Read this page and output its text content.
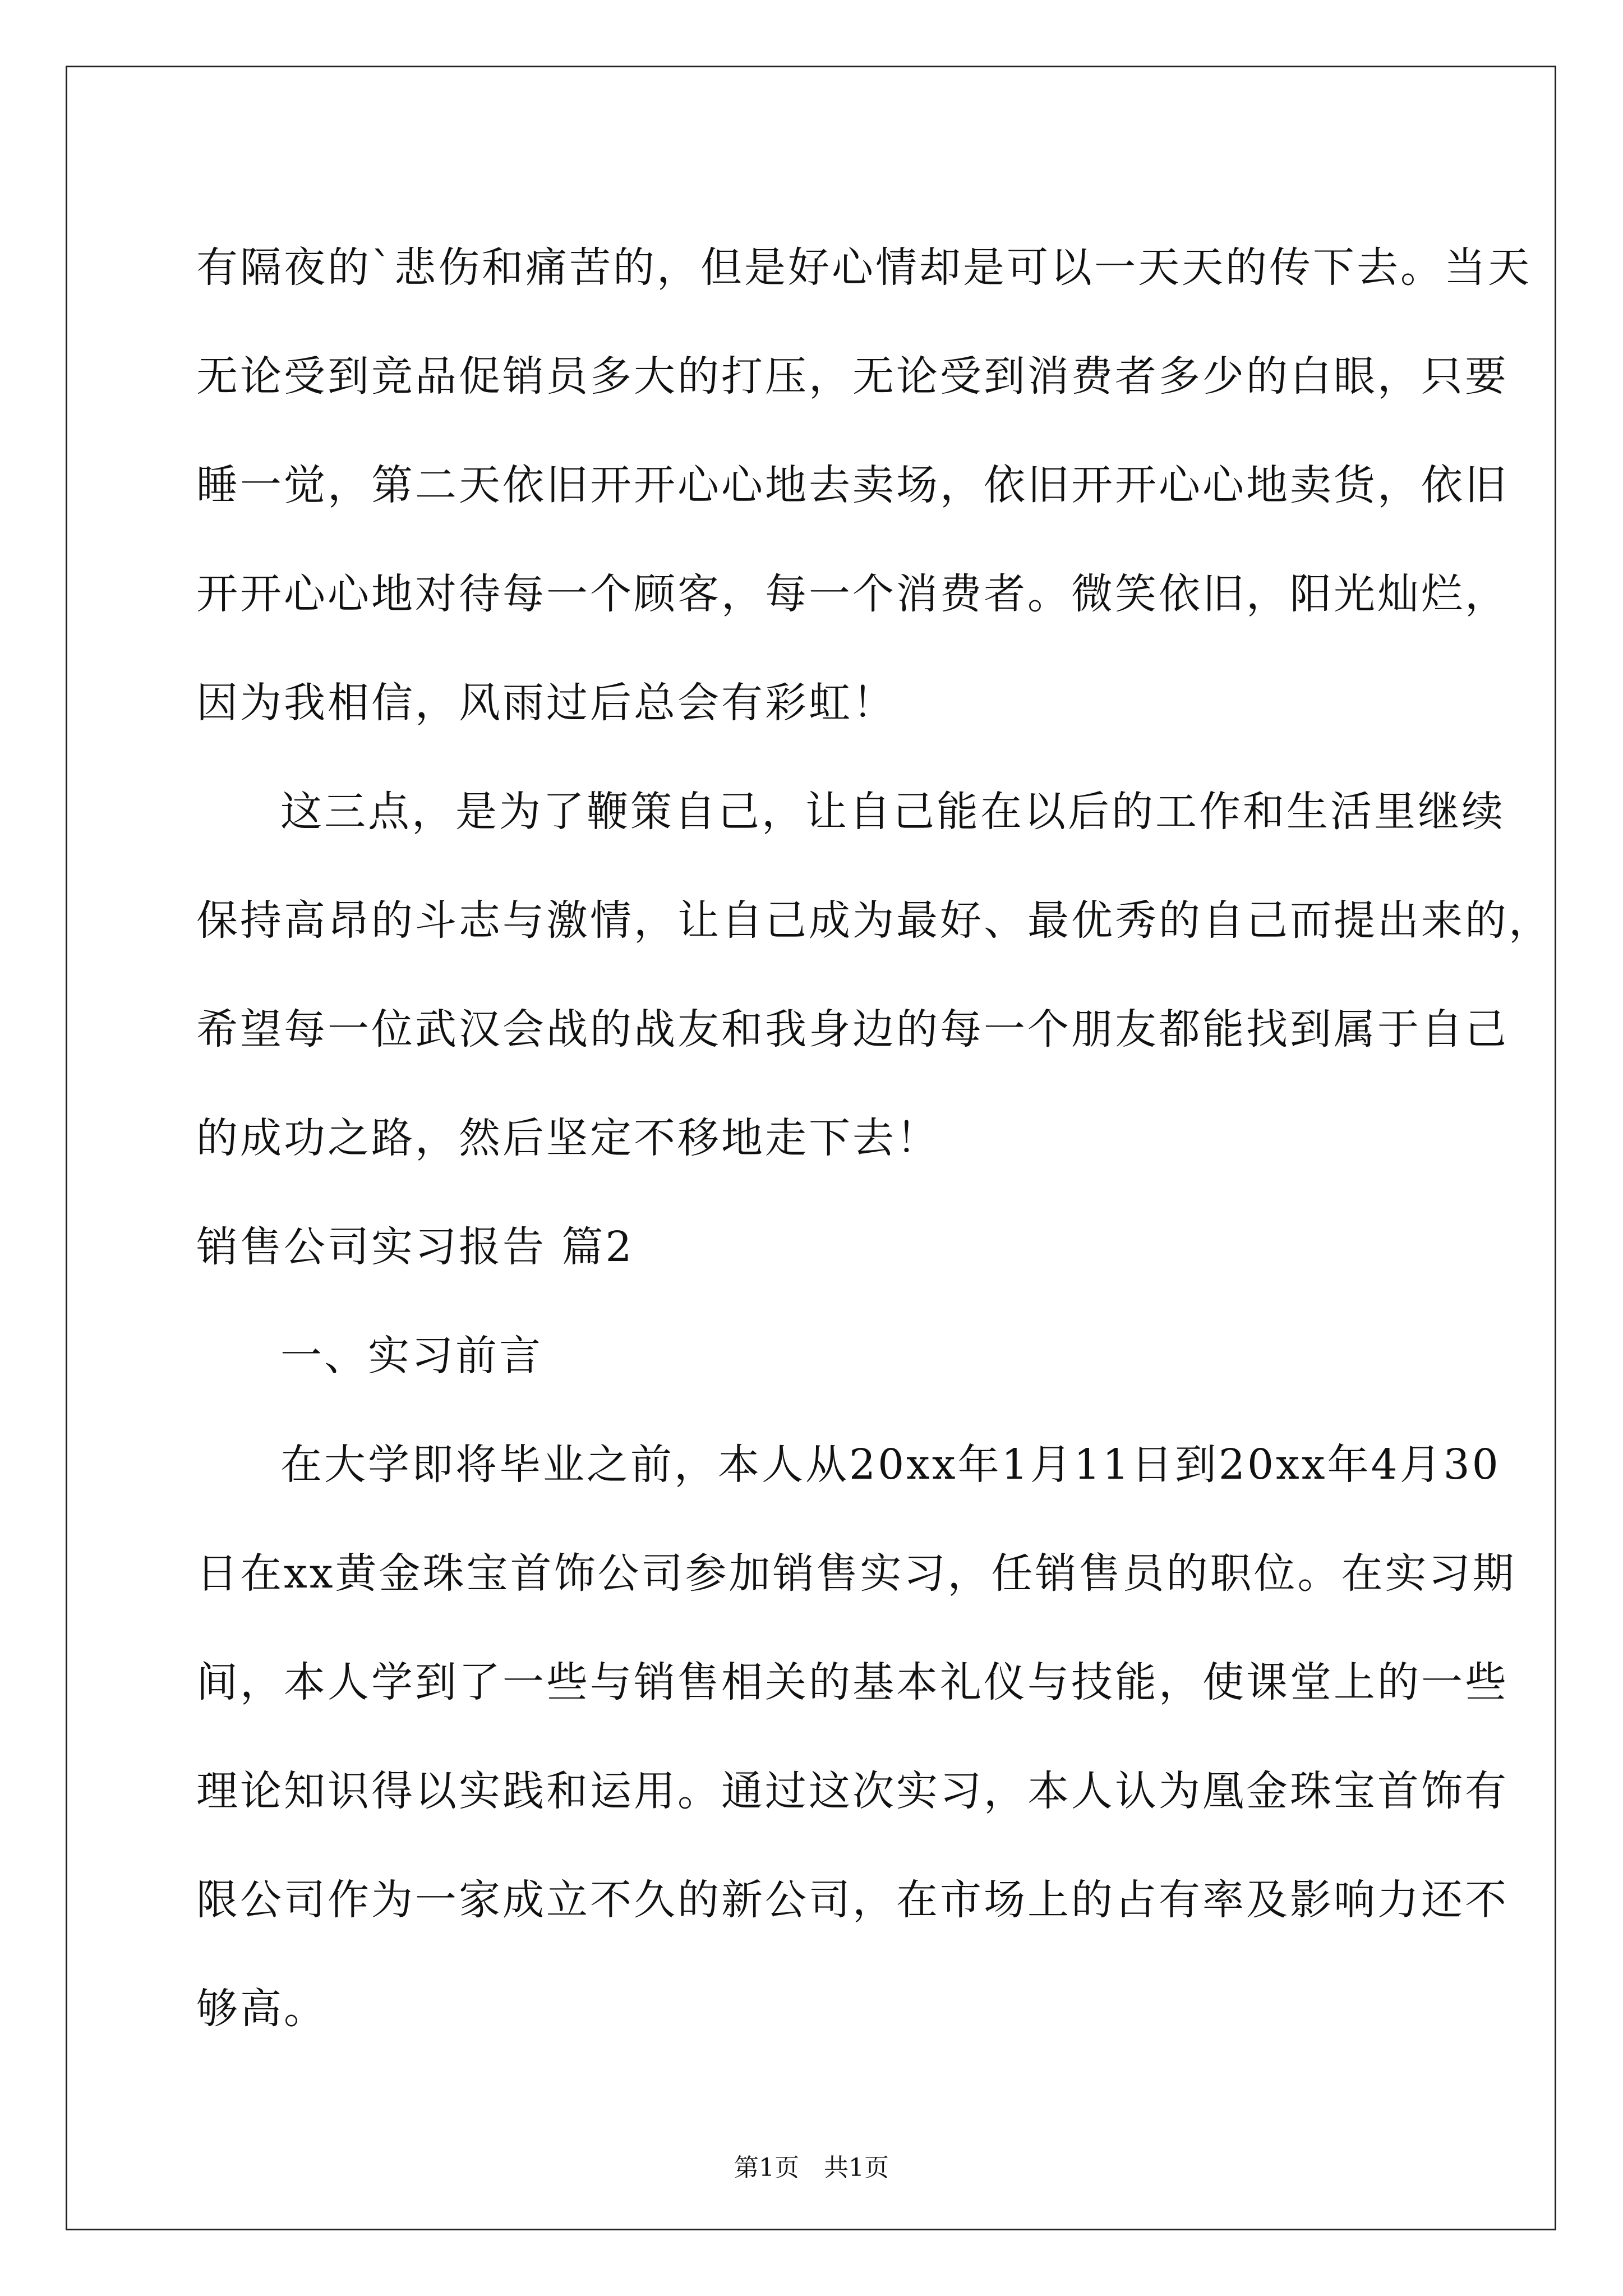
有隔夜的`悲伤和痛苦的，但是好心情却是可以一天天的传下去。当天
无论受到竞品促销员多大的打压，无论受到消费者多少的白眼，只要
睡一觉，第二天依旧开开心心地去卖场，依旧开开心心地卖货，依旧
开开心心地对待每一个顾客，每一个消费者。微笑依旧，阳光灿烂，
因为我相信，风雨过后总会有彩虹！
这三点，是为了鞭策自己，让自己能在以后的工作和生活里继续
保持高昂的斗志与激情，让自己成为最好、最优秀的自己而提出来的，
希望每一位武汉会战的战友和我身边的每一个朋友都能找到属于自己
的成功之路，然后坚定不移地走下去！
销售公司实习报告 篇2
一、实习前言
在大学即将毕业之前，本人从20xx年1月11日到20xx年4月30
日在xx黄金珠宝首饰公司参加销售实习，任销售员的职位。在实习期
间，本人学到了一些与销售相关的基本礼仪与技能，使课堂上的一些
理论知识得以实践和运用。通过这次实习，本人认为凰金珠宝首饰有
限公司作为一家成立不久的新公司，在市场上的占有率及影响力还不
够高。
第1页　共1页
